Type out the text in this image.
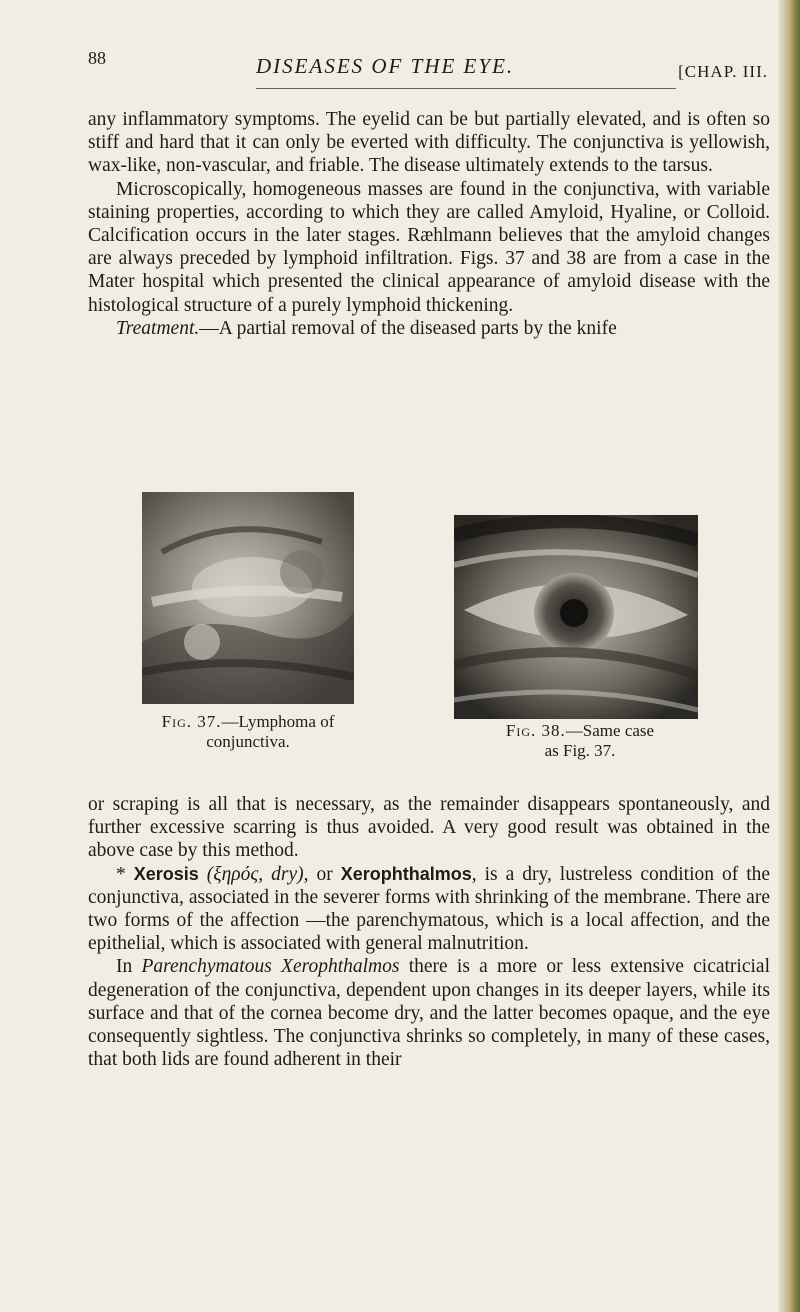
88	DISEASES OF THE EYE.	[CHAP. III.

any inflammatory symptoms. The eyelid can be but partially elevated, and is often so stiff and hard that it can only be everted with difficulty. The conjunctiva is yellowish, wax-like, non-vascular, and friable. The disease ultimately extends to the tarsus.

Microscopically, homogeneous masses are found in the conjunctiva, with variable staining properties, according to which they are called Amyloid, Hyaline, or Colloid. Calcification occurs in the later stages. Ræhlmann believes that the amyloid changes are always preceded by lymphoid infiltration. Figs. 37 and 38 are from a case in the Mater hospital which presented the clinical appearance of amyloid disease with the histological structure of a purely lymphoid thickening.

Treatment.—A partial removal of the diseased parts by the knife

Fig. 37.—Lymphoma of
conjunctiva.
Fig. 38.—Same case
as Fig. 37.

or scraping is all that is necessary, as the remainder disappears spontaneously, and further excessive scarring is thus avoided. A very good result was obtained in the above case by this method.

* Xerosis (ξηρός, dry), or Xerophthalmos, is a dry, lustreless condition of the conjunctiva, associated in the severer forms with shrinking of the membrane. There are two forms of the affection —the parenchymatous, which is a local affection, and the epithelial, which is associated with general malnutrition.

In Parenchymatous Xerophthalmos there is a more or less extensive cicatricial degeneration of the conjunctiva, dependent upon changes in its deeper layers, while its surface and that of the cornea become dry, and the latter becomes opaque, and the eye consequently sightless. The conjunctiva shrinks so completely, in many of these cases, that both lids are found adherent in their
